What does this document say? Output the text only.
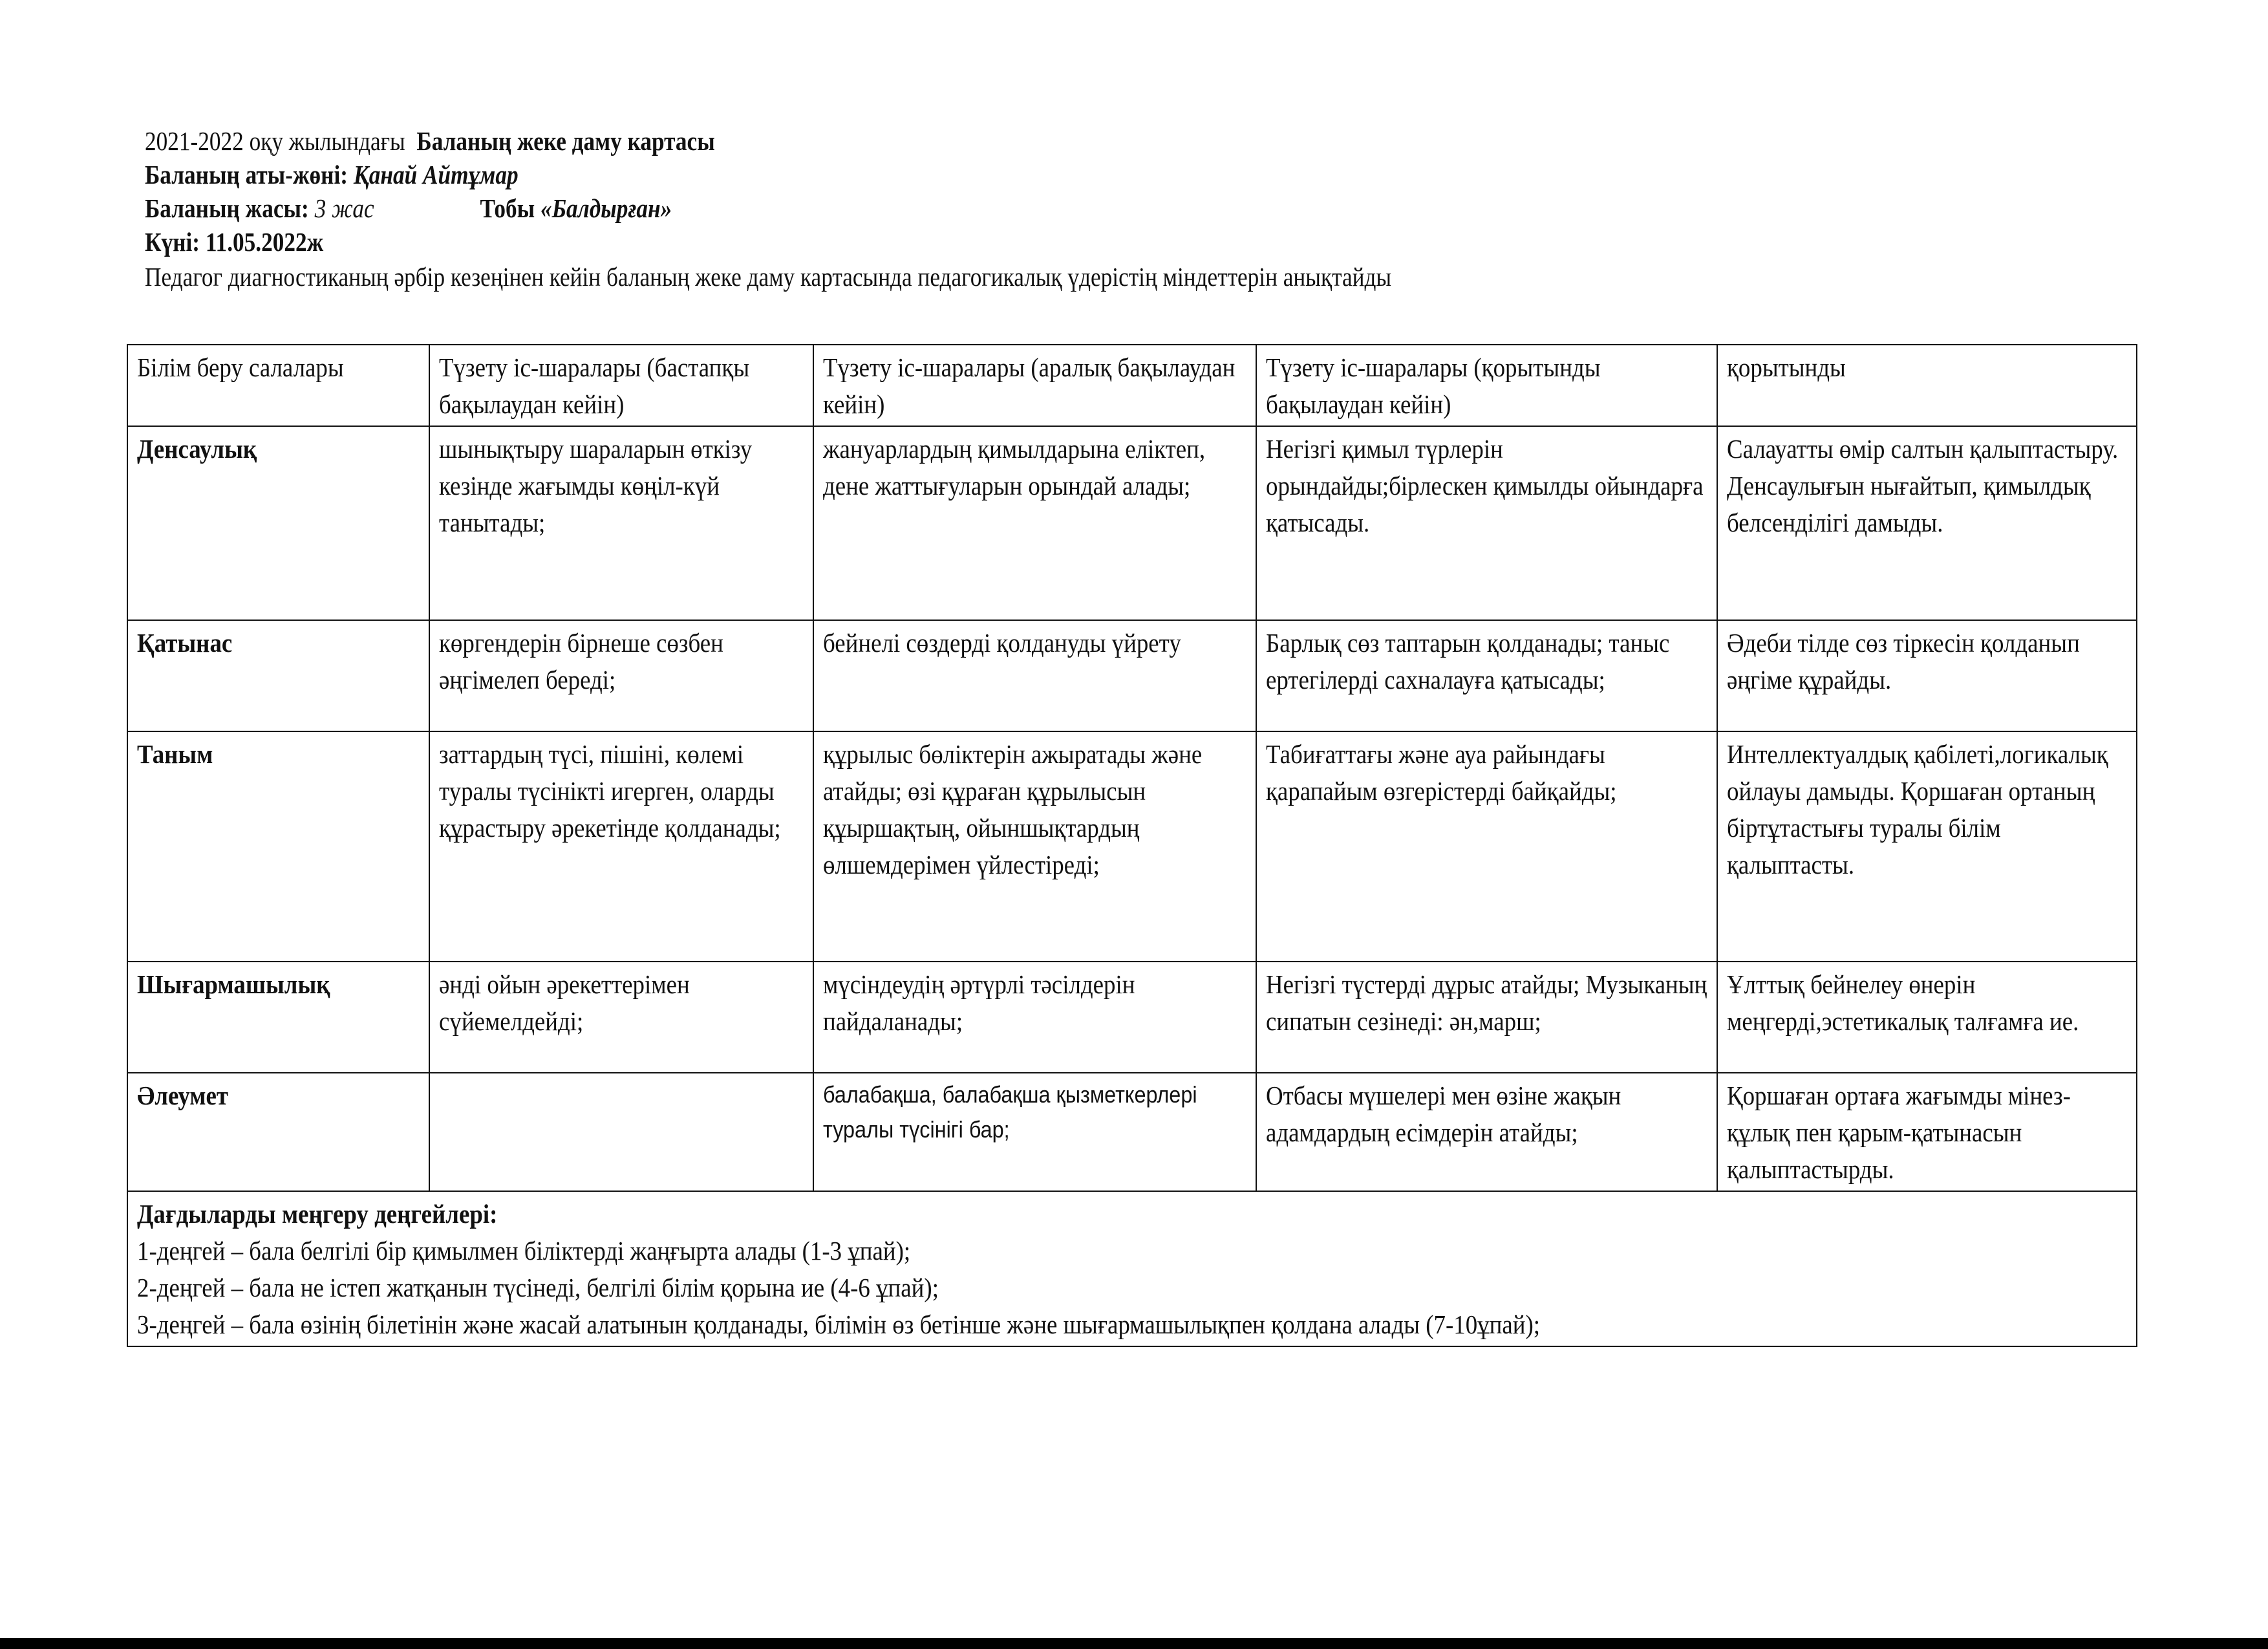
2021-2022 оқу жылындағы Баланың жеке даму картасы
Баланың аты-жөні: Қанай Айтұмар
Баланың жасы: 3 жас	Тобы «Балдырған»
Күні: 11.05.2022ж
Педагог диагностиканың әрбір кезеңінен кейін баланың жеке даму картасында педагогикалық үдерістің міндеттерін анықтайды
Білім беру салалары	Түзету іс-шаралары (бастапқы бақылаудан кейін)	Түзету іс-шаралары (аралық бақылаудан кейін)	Түзету іс-шаралары (қорытынды бақылаудан кейін)	қорытынды

Денсаулық	шынықтыру шараларын өткізу кезінде жағымды көңіл-күй танытады;	жануарлардың қимылдарына еліктеп, дене жаттығуларын орындай алады;	Негізгі қимыл түрлерін орындайды;бірлескен қимылды ойындарға қатысады.	Салауатты өмір салтын қалыптастыру. Денсаулығын нығайтып, қимылдық белсенділігі дамыды.

Қатынас	көргендерін бірнеше сөзбен әңгімелеп береді;	бейнелі сөздерді қолдануды үйрету	Барлық сөз таптарын қолданады; таныс ертегілерді сахналауға қатысады;	Әдеби тілде сөз тіркесін қолданып әңгіме құрайды.

Таным	заттардың түсі, пішіні, көлемі туралы түсінікті игерген, оларды құрастыру әрекетінде қолданады;	құрылыс бөліктерін ажыратады және атайды; өзі құраған құрылысын құыршақтың, ойыншықтардың өлшемдерімен үйлестіреді;	Табиғаттағы және ауа райындағы қарапайым өзгерістерді байқайды;	Интеллектуалдық қабілеті,логикалық ойлауы дамыды. Қоршаған ортаның біртұтастығы туралы білім қалыптасты.

Шығармашылық	әнді ойын әрекеттерімен сүйемелдейді;	мүсіндеудің әртүрлі тәсілдерін пайдаланады;	Негізгі түстерді дұрыс атайды; Музыканың сипатын сезінеді: ән,марш;	Ұлттық бейнелеу өнерін меңгерді,эстетикалық талғамға ие.

Әлеумет		балабақша, балабақша қызметкерлері туралы түсінігі бар;	Отбасы мүшелері мен өзіне жақын адамдардың есімдерін атайды;	Қоршаған ортаға жағымды мінез-құлық пен қарым-қатынасын қалыптастырды.

Дағдыларды меңгеру деңгейлері:
1-деңгей – бала белгілі бір қимылмен біліктерді жаңғырта алады (1-3 ұпай);
2-деңгей – бала не істеп жатқанын түсінеді, белгілі білім қорына ие (4-6 ұпай);
3-деңгей – бала өзінің білетінін және жасай алатынын қолданады, білімін өз бетінше және шығармашылықпен қолдана алады (7-10ұпай);				
